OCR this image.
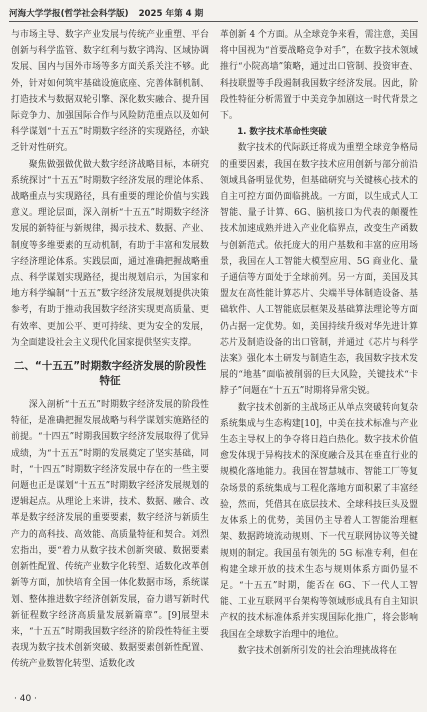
河海大学学报(哲学社会科学版) 2025 年第 4 期

与市场主导、数字产业发展与传统产业重塑、平台创新与科学监管、数字红利与数字鸿沟、区域协调发展、国内与国外市场等多方面关系关注不够。此外，针对如何筑牢基础设施底座、完善体制机制、打造技术与数据双轮引擎、深化数实融合、提升国际竞争力、加强国际合作与风险防范重点以及如何科学谋划“十五五”时期数字经济的实现路径，亦缺乏针对性研究。

聚焦做强做优做大数字经济战略目标，本研究系统探讨“十五五”时期数字经济发展的理论体系、战略重点与实现路径，具有重要的理论价值与实践意义。理论层面，深入剖析“十五五”时期数字经济发展的新特征与新规律，揭示技术、数据、产业、制度等多维要素的互动机制，有助于丰富和发展数字经济理论体系。实践层面，通过准确把握战略重点、科学谋划实现路径，提出规划启示，为国家和地方科学编制“十五五”数字经济发展规划提供决策参考，有助于推动我国数字经济实现更高质量、更有效率、更加公平、更可持续、更为安全的发展，为全面建设社会主义现代化国家提供坚实支撑。

二、“十五五”时期数字经济发展的阶段性特征

深入剖析“十五五”时期数字经济发展的阶段性特征，是准确把握发展战略与科学谋划实施路径的前提。“十四五”时期我国数字经济发展取得了优异成绩，为“十五五”时期的发展奠定了坚实基础，同时，“十四五”时期数字经济发展中存在的一些主要问题也正是谋划“十五五”时期数字经济发展规划的逻辑起点。从理论上来讲，技术、数据、融合、改革是数字经济发展的重要要素，数字经济与新质生产力的高科技、高效能、高质量特征和契合。刘烈宏指出，要“着力从数字技术创新突破、数据要素创新性配置、传统产业数字化转型、适数化改革创新等方面，加快培育全国一体化数据市场，系统谋划、整体推进数字经济创新发展，奋力谱写新时代新征程数字经济高质量发展新篇章”。[9]展望未来，“十五五”时期我国数字经济的阶段性特征主要表现为数字技术创新突破、数据要素创新性配置、传统产业数智化转型、适数化改

革创新 4 个方面。从全球竞争来看，需注意，美国将中国视为“首要战略竞争对手”，在数字技术领域推行“小院高墙”策略，通过出口管制、投资审查、科技联盟等手段遏制我国数字经济发展。因此，阶段性特征分析需置于中美竞争加剧这一时代背景之下。

1. 数字技术革命性突破

数字技术的代际跃迁将成为重塑全球竞争格局的重要因素，我国在数字技术应用创新与部分前沿领域具备明显优势，但基础研究与关键核心技术的自主可控方面仍面临挑战。一方面，以生成式人工智能、量子计算、6G、脑机接口为代表的颠覆性技术加速成熟并进入产业化临界点，改变生产函数与创新范式。依托庞大的用户基数和丰富的应用场景，我国在人工智能大模型应用、5G 商业化、量子通信等方面处于全球前列。另一方面，美国及其盟友在高性能计算芯片、尖端半导体制造设备、基础软件、人工智能底层框架及基础算法理论等方面仍占据一定优势。如，美国持续升级对华先进计算芯片及制造设备的出口管制，并通过《芯片与科学法案》强化本土研发与制造生态，我国数字技术发展的“地基”面临被削弱的巨大风险，关键技术“卡脖子”问题在“十五五”时期将异常尖锐。

数字技术创新的主战场正从单点突破转向复杂系统集成与生态构建[10]，中美在技术标准与产业生态主导权上的争夺将日趋白热化。数字技术价值愈发体现于异构技术的深度融合及其在垂直行业的规模化落地能力。我国在智慧城市、智能工厂等复杂场景的系统集成与工程化落地方面积累了丰富经验，然而，凭借其在底层技术、全球科技巨头及盟友体系上的优势，美国仍主导着人工智能治理框架、数据跨境流动规则、下一代互联网协议等关键规则的制定。我国虽有领先的 5G 标准专利，但在构建全球开放的技术生态与规则体系方面仍显不足。“十五五”时期，能否在 6G、下一代人工智能、工业互联网平台架构等领域形成具有自主知识产权的技术标准体系并实现国际化推广，将会影响我国在全球数字治理中的地位。

数字技术创新所引发的社会治理挑战将在

· 40 ·
